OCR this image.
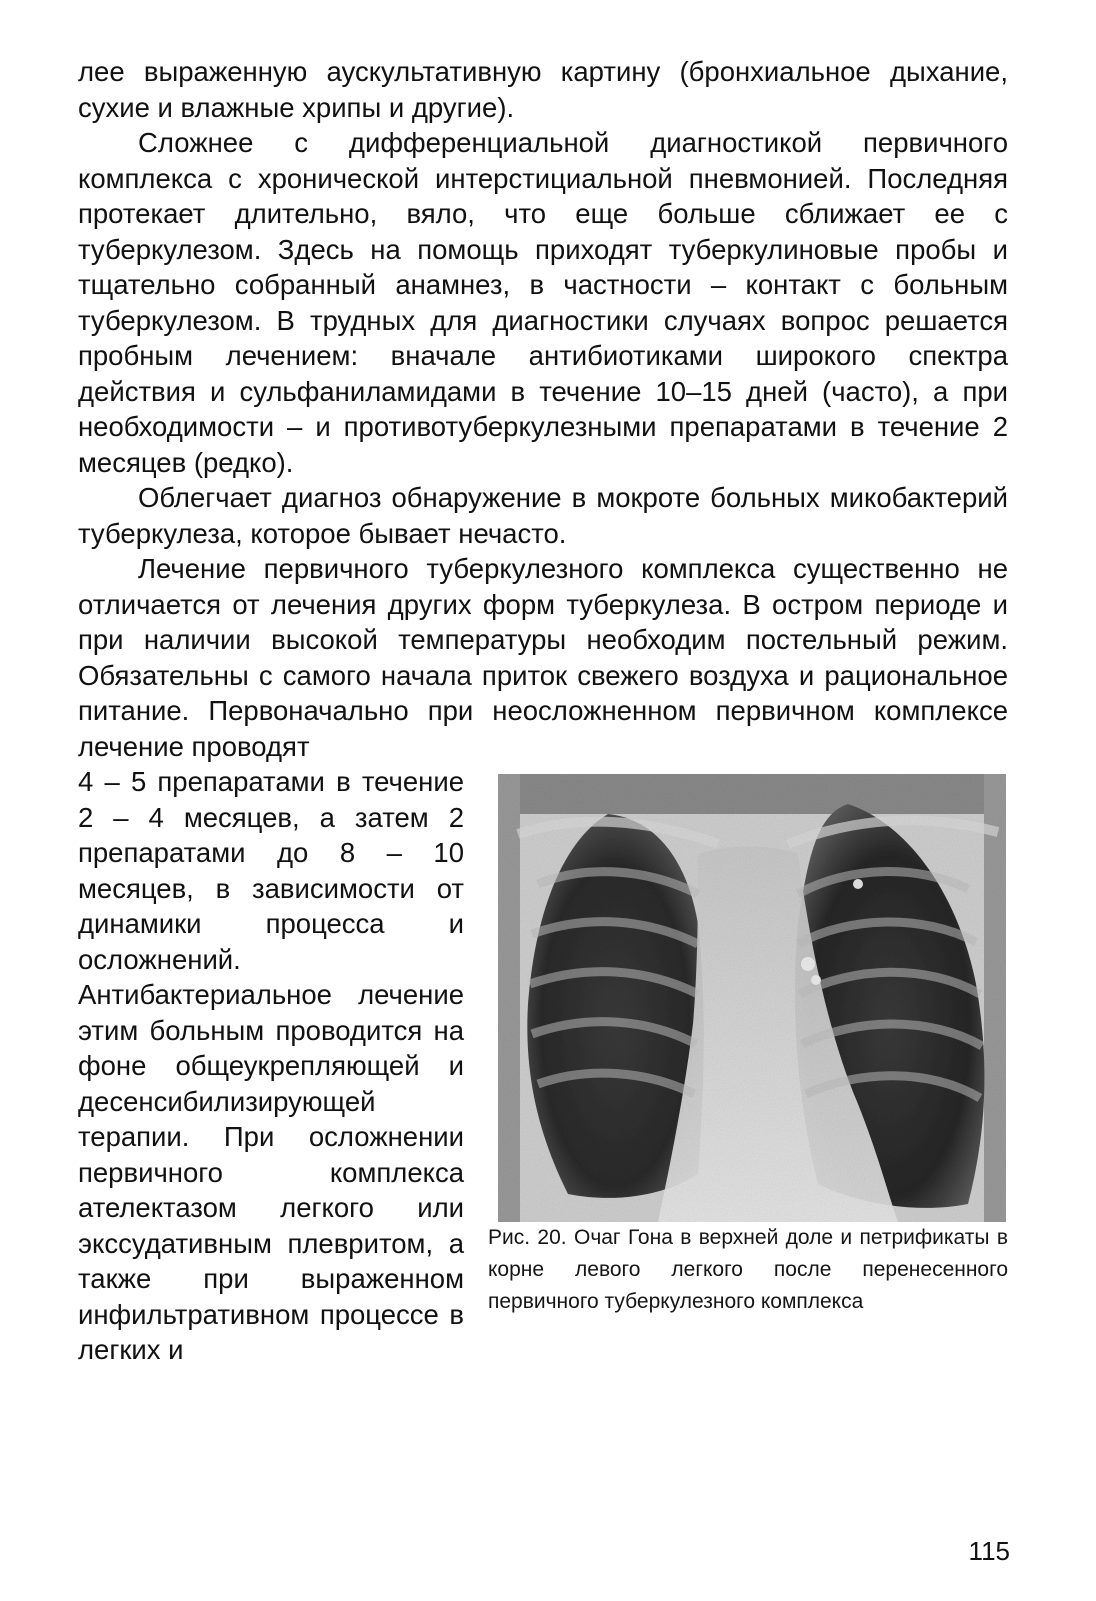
лее выраженную аускультативную картину (бронхиальное дыхание, сухие и влажные хрипы и другие).

Сложнее с дифференциальной диагностикой первичного комплекса с хронической интерстициальной пневмонией. Последняя протекает длительно, вяло, что еще больше сближает ее с туберкулезом. Здесь на помощь приходят туберкулиновые пробы и тщательно собранный анамнез, в частности – контакт с больным туберкулезом. В трудных для диагностики случаях вопрос решается пробным лечением: вначале антибиотиками широкого спектра действия и сульфаниламидами в течение 10–15 дней (часто), а при необходимости – и противотуберкулезными препаратами в течение 2 месяцев (редко).

Облегчает диагноз обнаружение в мокроте больных микобактерий туберкулеза, которое бывает нечасто.

Лечение первичного туберкулезного комплекса существенно не отличается от лечения других форм туберкулеза. В остром периоде и при наличии высокой температуры необходим постельный режим. Обязательны с самого начала приток свежего воздуха и рациональное питание. Первоначально при неосложненном первичном комплексе лечение проводят

Рис. 20. Очаг Гона в верхней доле и петрификаты в корне левого легкого после перенесенного первичного туберкулезного комплекса

4 – 5 препаратами в течение 2 – 4 месяцев, а затем 2 препаратами до 8 – 10 месяцев, в зависимости от динамики процесса и осложнений. Антибактериальное лечение этим больным проводится на фоне общеукрепляющей и десенсибилизирующей терапии. При осложнении первичного комплекса ателектазом легкого или экссудативным плевритом, а также при выраженном инфильтративном процессе в легких и

115
